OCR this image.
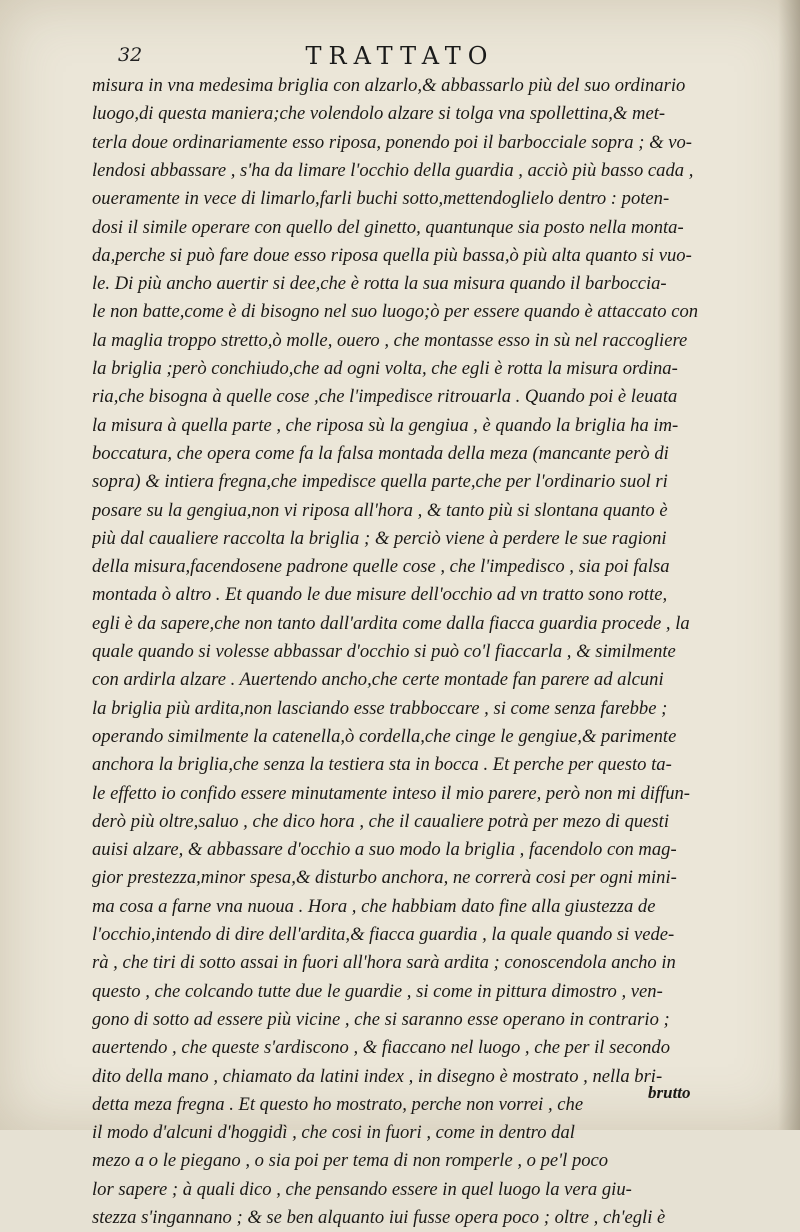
32	TRATTATO
misura in vna medesima briglia con alzarlo,& abbassarlo più del suo ordinario
luogo,di questa maniera;che volendolo alzare si tolga vna spollettina,& met-
terla doue ordinariamente esso riposa, ponendo poi il barbocciale sopra ; & vo-
lendosi abbassare , s'ha da limare l'occhio della guardia , acciò più basso cada ,
oueramente in vece di limarlo,farli buchi sotto,mettendoglielo dentro : poten-
dosi il simile operare con quello del ginetto, quantunque sia posto nella monta-
da,perche si può fare doue esso riposa quella più bassa,ò più alta quanto si vuo-
le. Di più ancho auertir si dee,che è rotta la sua misura quando il barboccia-
le non batte,come è di bisogno nel suo luogo;ò per essere quando è attaccato con
la maglia troppo stretto,ò molle, ouero , che montasse esso in sù nel raccogliere
la briglia ;però conchiudo,che ad ogni volta, che egli è rotta la misura ordina-
ria,che bisogna à quelle cose ,che l'impedisce ritrouarla . Quando poi è leuata
la misura à quella parte , che riposa sù la gengiua , è quando la briglia ha im-
boccatura, che opera come fa la falsa montada della meza (mancante però di
sopra) & intiera fregna,che impedisce quella parte,che per l'ordinario suol ri
posare su la gengiua,non vi riposa all'hora , & tanto più si slontana quanto è
più dal caualiere raccolta la briglia ; & perciò viene à perdere le sue ragioni
della misura,facendosene padrone quelle cose , che l'impedisco , sia poi falsa
montada ò altro . Et quando le due misure dell'occhio ad vn tratto sono rotte,
egli è da sapere,che non tanto dall'ardita come dalla fiacca guardia procede , la
quale quando si volesse abbassar d'occhio si può co'l fiaccarla , & similmente
con ardirla alzare . Auertendo ancho,che certe montade fan parere ad alcuni
la briglia più ardita,non lasciando esse trabboccare , si come senza farebbe ;
operando similmente la catenella,ò cordella,che cinge le gengiue,& parimente
anchora la briglia,che senza la testiera sta in bocca . Et perche per questo ta-
le effetto io confido essere minutamente inteso il mio parere, però non mi diffun-
derò più oltre,saluo , che dico hora , che il caualiere potrà per mezo di questi
auisi alzare, & abbassare d'occhio a suo modo la briglia , facendolo con mag-
gior prestezza,minor spesa,& disturbo anchora, ne correrà cosi per ogni mini-
ma cosa a farne vna nuoua . Hora , che habbiam dato fine alla giustezza de
l'occhio,intendo di dire dell'ardita,& fiacca guardia , la quale quando si vede-
rà , che tiri di sotto assai in fuori all'hora sarà ardita ; conoscendola ancho in
questo , che colcando tutte due le guardie , si come in pittura dimostro , ven-
gono di sotto ad essere più vicine , che si saranno esse operano in contrario ;
auertendo , che queste s'ardiscono , & fiaccano nel luogo , che per il secondo
dito della mano , chiamato da latini index , in disegno è mostrato , nella bri-
detta meza fregna . Et questo ho mostrato, perche non vorrei , che
il modo d'alcuni d'hoggidì , che cosi in fuori , come in dentro dal
mezo a o le piegano , o sia poi per tema di non romperle , o pe'l poco
lor sapere ; à quali dico , che pensando essere in quel luogo la vera giu-
stezza s'ingannano ; & se ben alquanto iui fusse opera poco ; oltre , ch'egli è
brutto
